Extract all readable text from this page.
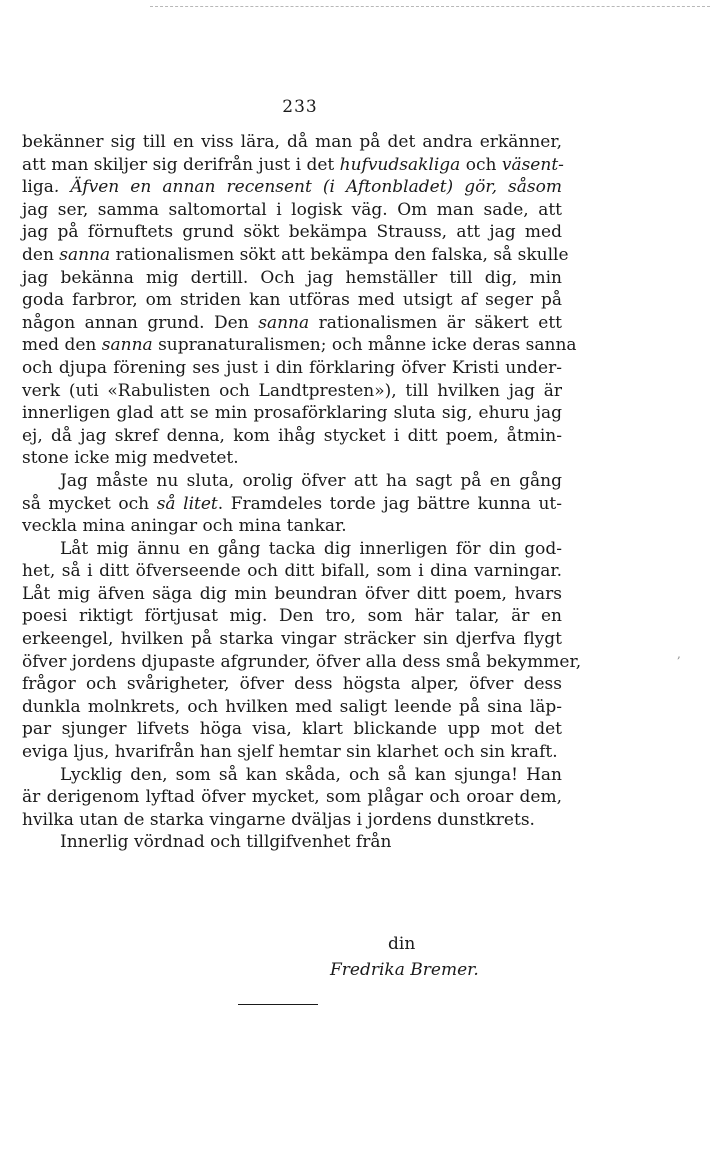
233
bekänner sig till en viss lära, då man på det andra erkänner,
att man skiljer sig derifrån just i det hufvudsakliga och väsent-
liga. Äfven en annan recensent (i Aftonbladet) gör, såsom
jag ser, samma saltomortal i logisk väg. Om man sade, att
jag på förnuftets grund sökt bekämpa Strauss, att jag med
den sanna rationalismen sökt att bekämpa den falska, så skulle
jag bekänna mig dertill. Och jag hemställer till dig, min
goda farbror, om striden kan utföras med utsigt af seger på
någon annan grund. Den sanna rationalismen är säkert ett
med den sanna supranaturalismen; och månne icke deras sanna
och djupa förening ses just i din förklaring öfver Kristi under-
verk (uti «Rabulisten och Landtpresten»), till hvilken jag är
innerligen glad att se min prosaförklaring sluta sig, ehuru jag
ej, då jag skref denna, kom ihåg stycket i ditt poem, åtmin-
stone icke mig medvetet.
Jag måste nu sluta, orolig öfver att ha sagt på en gång
så mycket och så litet. Framdeles torde jag bättre kunna ut-
veckla mina aningar och mina tankar.
Låt mig ännu en gång tacka dig innerligen för din god-
het, så i ditt öfverseende och ditt bifall, som i dina varningar.
Låt mig äfven säga dig min beundran öfver ditt poem, hvars
poesi riktigt förtjusat mig. Den tro, som här talar, är en
erkeengel, hvilken på starka vingar sträcker sin djerfva flygt
öfver jordens djupaste afgrunder, öfver alla dess små bekymmer,
frågor och svårigheter, öfver dess högsta alper, öfver dess
dunkla molnkrets, och hvilken med saligt leende på sina läp-
par sjunger lifvets höga visa, klart blickande upp mot det
eviga ljus, hvarifrån han sjelf hemtar sin klarhet och sin kraft.
Lycklig den, som så kan skåda, och så kan sjunga! Han
är derigenom lyftad öfver mycket, som plågar och oroar dem,
hvilka utan de starka vingarne dväljas i jordens dunstkrets.
Innerlig vördnad och tillgifvenhet från
din
Fredrika Bremer.
,
